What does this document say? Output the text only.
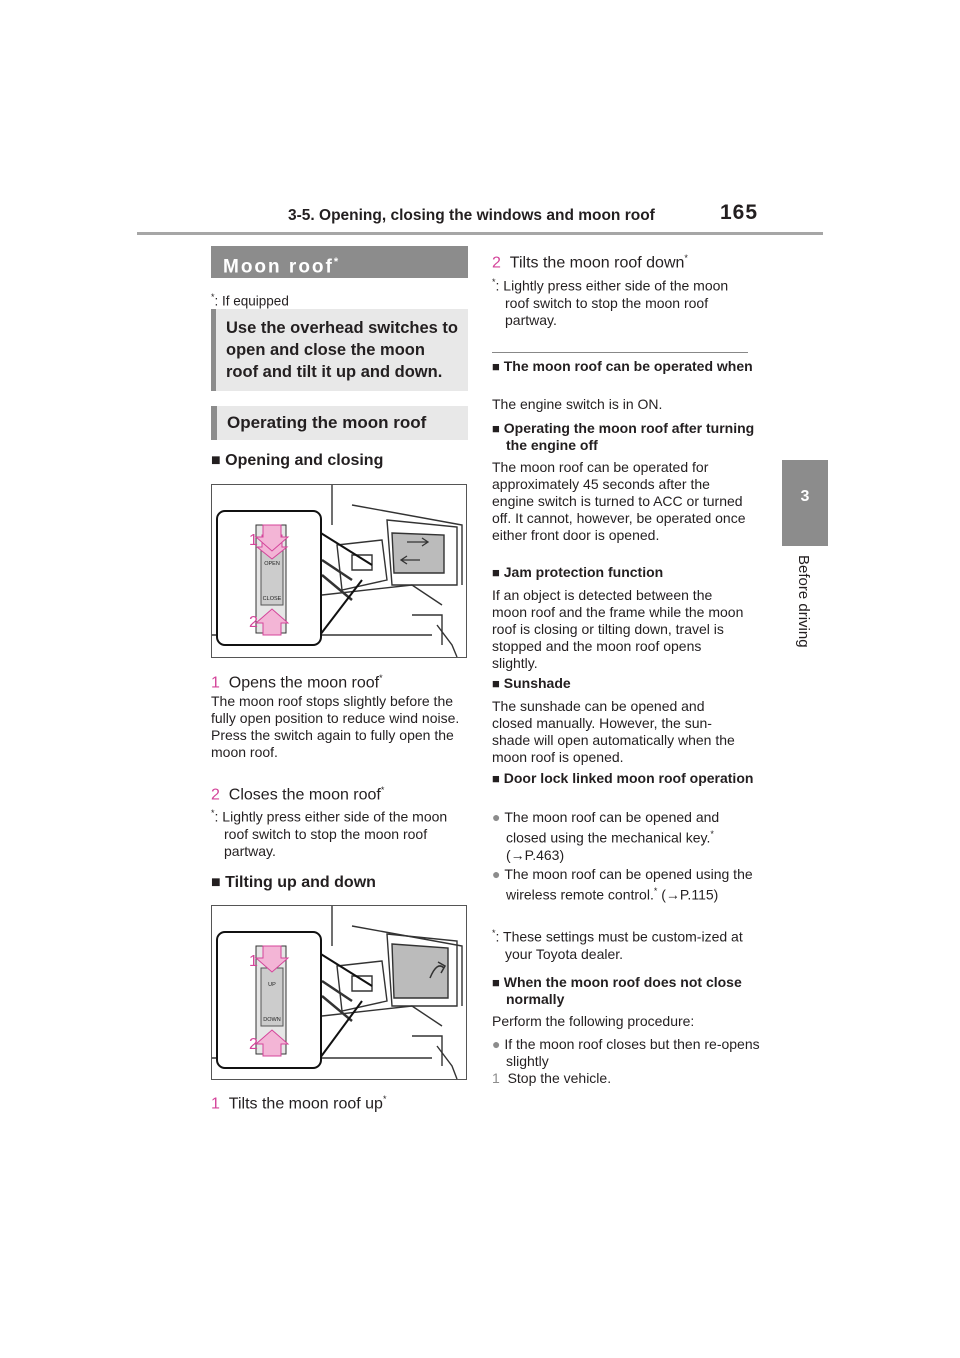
3-5. Opening, closing the windows and moon roof	165
3
Before driving
Moon roof*
*: If equipped
Use the overhead switches to open and close the moon roof and tilt it up and down.
Operating the moon roof
■ Opening and closing
OPEN
CLOSE
1
2
1 Opens the moon roof*
The moon roof stops slightly before the fully open position to reduce wind noise. Press the switch again to fully open the moon roof.
2 Closes the moon roof*
*: Lightly press either side of the moon roof switch to stop the moon roof partway.
■ Tilting up and down
UP
DOWN
1
2
1 Tilts the moon roof up*
2 Tilts the moon roof down*
*: Lightly press either side of the moon roof switch to stop the moon roof partway.
■ The moon roof can be operated when
The engine switch is in ON.
■ Operating the moon roof after turning the engine off
The moon roof can be operated for approximately 45 seconds after the engine switch is turned to ACC or turned off. It cannot, however, be operated once either front door is opened.
■ Jam protection function
If an object is detected between the moon roof and the frame while the moon roof is closing or tilting down, travel is stopped and the moon roof opens slightly.
■ Sunshade
The sunshade can be opened and closed manually. However, the sun-shade will open automatically when the moon roof is opened.
■ Door lock linked moon roof operation
● The moon roof can be opened and closed using the mechanical key.* (→P.463)
● The moon roof can be opened using the wireless remote control.* (→P.115)
*: These settings must be custom-ized at your Toyota dealer.
■ When the moon roof does not close normally
Perform the following procedure:
● If the moon roof closes but then re-opens slightly
1 Stop the vehicle.
